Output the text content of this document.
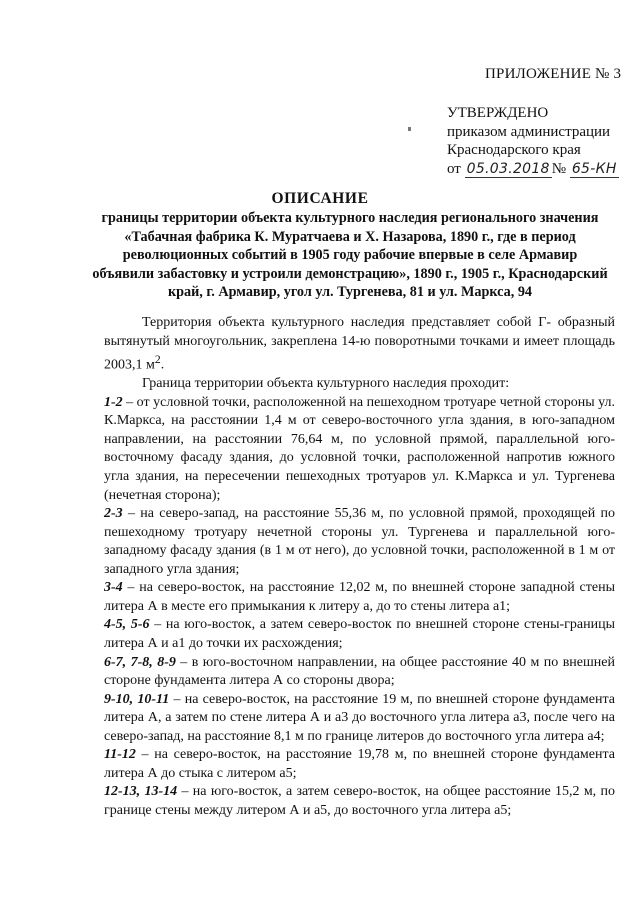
ПРИЛОЖЕНИЕ № 3
УТВЕРЖДЕНО
приказом администрации
Краснодарского края
от 05.03.2018 № 65-КН
ОПИСАНИЕ
границы территории объекта культурного наследия регионального значения «Табачная фабрика К. Муратчаева и Х. Назарова, 1890 г., где в период революционных событий в 1905 году рабочие впервые в селе Армавир объявили забастовку и устроили демонстрацию», 1890 г., 1905 г., Краснодарский край, г. Армавир, угол ул. Тургенева, 81 и ул. Маркса, 94

Территория объекта культурного наследия представляет собой Г- образный вытянутый многоугольник, закреплена 14-ю поворотными точками и имеет площадь 2003,1 $м^2$.

Граница территории объекта культурного наследия проходит:

1-2 – от условной точки, расположенной на пешеходном тротуаре четной стороны ул. К.Маркса, на расстоянии 1,4 м от северо-восточного угла здания, в юго-западном направлении, на расстоянии 76,64 м, по условной прямой, параллельной юго-восточному фасаду здания, до условной точки, расположенной напротив южного угла здания, на пересечении пешеходных тротуаров ул. К.Маркса и ул. Тургенева (нечетная сторона);

2-3 – на северо-запад, на расстояние 55,36 м, по условной прямой, проходящей по пешеходному тротуару нечетной стороны ул. Тургенева и параллельной юго-западному фасаду здания (в 1 м от него), до условной точки, расположенной в 1 м от западного угла здания;

3-4 – на северо-восток, на расстояние 12,02 м, по внешней стороне западной стены литера А в месте его примыкания к литеру а, до то стены литера а1;

4-5, 5-6 – на юго-восток, а затем северо-восток по внешней стороне стены-границы литера А и а1 до точки их расхождения;

6-7, 7-8, 8-9 – в юго-восточном направлении, на общее расстояние 40 м по внешней стороне фундамента литера А со стороны двора;

9-10, 10-11 – на северо-восток, на расстояние 19 м, по внешней стороне фундамента литера А, а затем по стене литера А и а3 до восточного угла литера а3, после чего на северо-запад, на расстояние 8,1 м по границе литеров до восточного угла литера а4;

11-12 – на северо-восток, на расстояние 19,78 м, по внешней стороне фундамента литера А до стыка с литером а5;

12-13, 13-14 – на юго-восток, а затем северо-восток, на общее расстояние 15,2 м, по границе стены между литером А и а5, до восточного угла литера а5;
